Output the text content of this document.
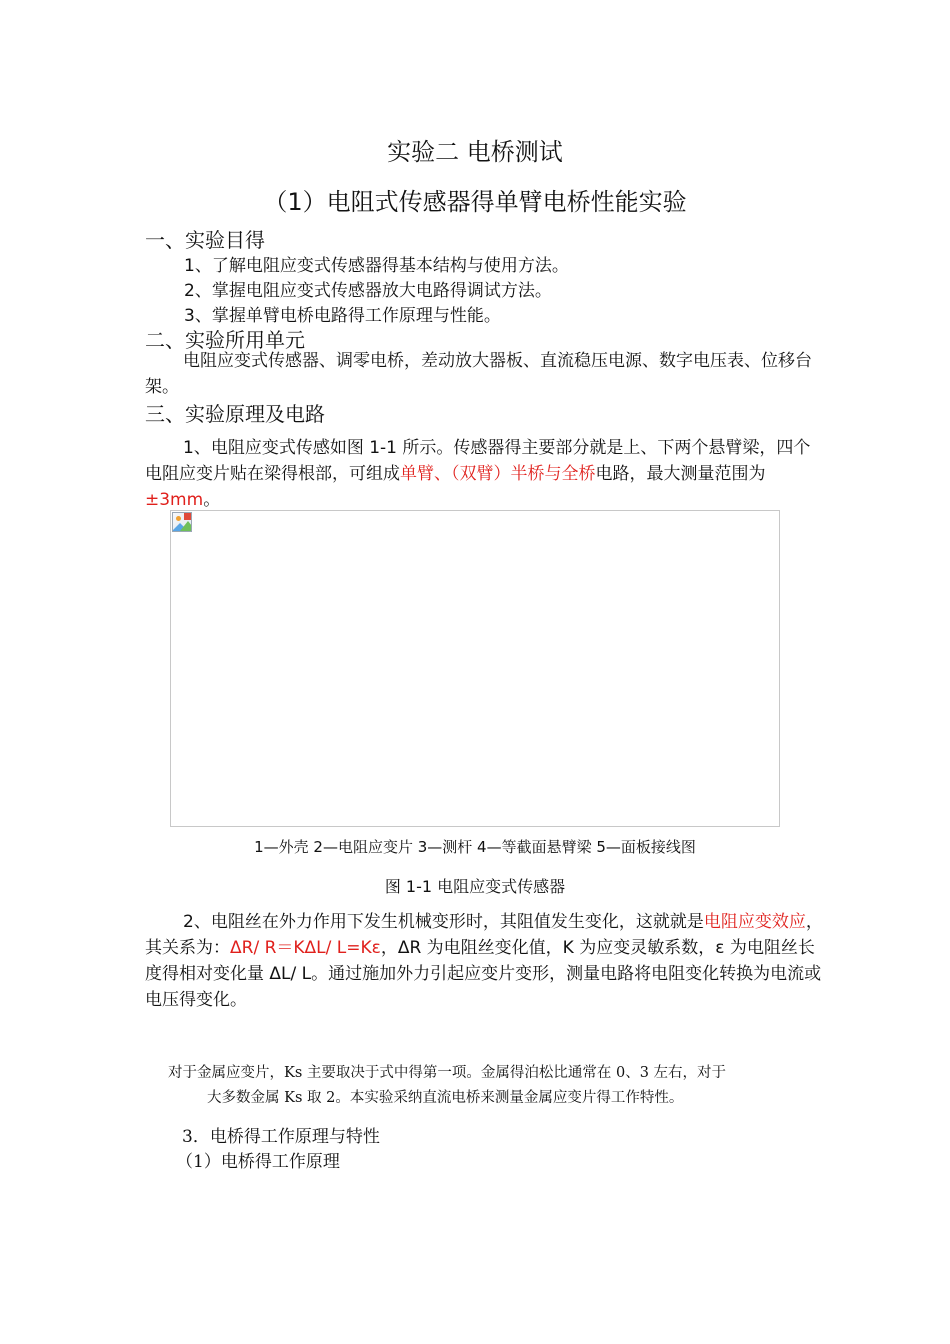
实验二 电桥测试
（1）电阻式传感器得单臂电桥性能实验
一、实验目得
1、了解电阻应变式传感器得基本结构与使用方法。
2、掌握电阻应变式传感器放大电路得调试方法。
3、掌握单臂电桥电路得工作原理与性能。
二、实验所用单元
电阻应变式传感器、调零电桥，差动放大器板、直流稳压电源、数字电压表、位移台架。
三、实验原理及电路
1、电阻应变式传感如图 1-1 所示。传感器得主要部分就是上、下两个悬臂梁，四个电阻应变片贴在梁得根部，可组成单臂、（双臂）半桥与全桥电路，最大测量范围为±3mm。
1—外壳 2—电阻应变片 3—测杆 4—等截面悬臂梁 5—面板接线图
图 1-1 电阻应变式传感器
2、电阻丝在外力作用下发生机械变形时，其阻值发生变化，这就就是电阻应变效应，其关系为：ΔR/ R＝KΔL/ L=Kε，ΔR 为电阻丝变化值，K 为应变灵敏系数，ε 为电阻丝长度得相对变化量 ΔL/ L。通过施加外力引起应变片变形，测量电路将电阻变化转换为电流或电压得变化。
对于金属应变片，Ks 主要取决于式中得第一项。金属得泊松比通常在 0、3 左右，对于
大多数金属 Ks 取 2。本实验采纳直流电桥来测量金属应变片得工作特性。
3．电桥得工作原理与特性
（1）电桥得工作原理
